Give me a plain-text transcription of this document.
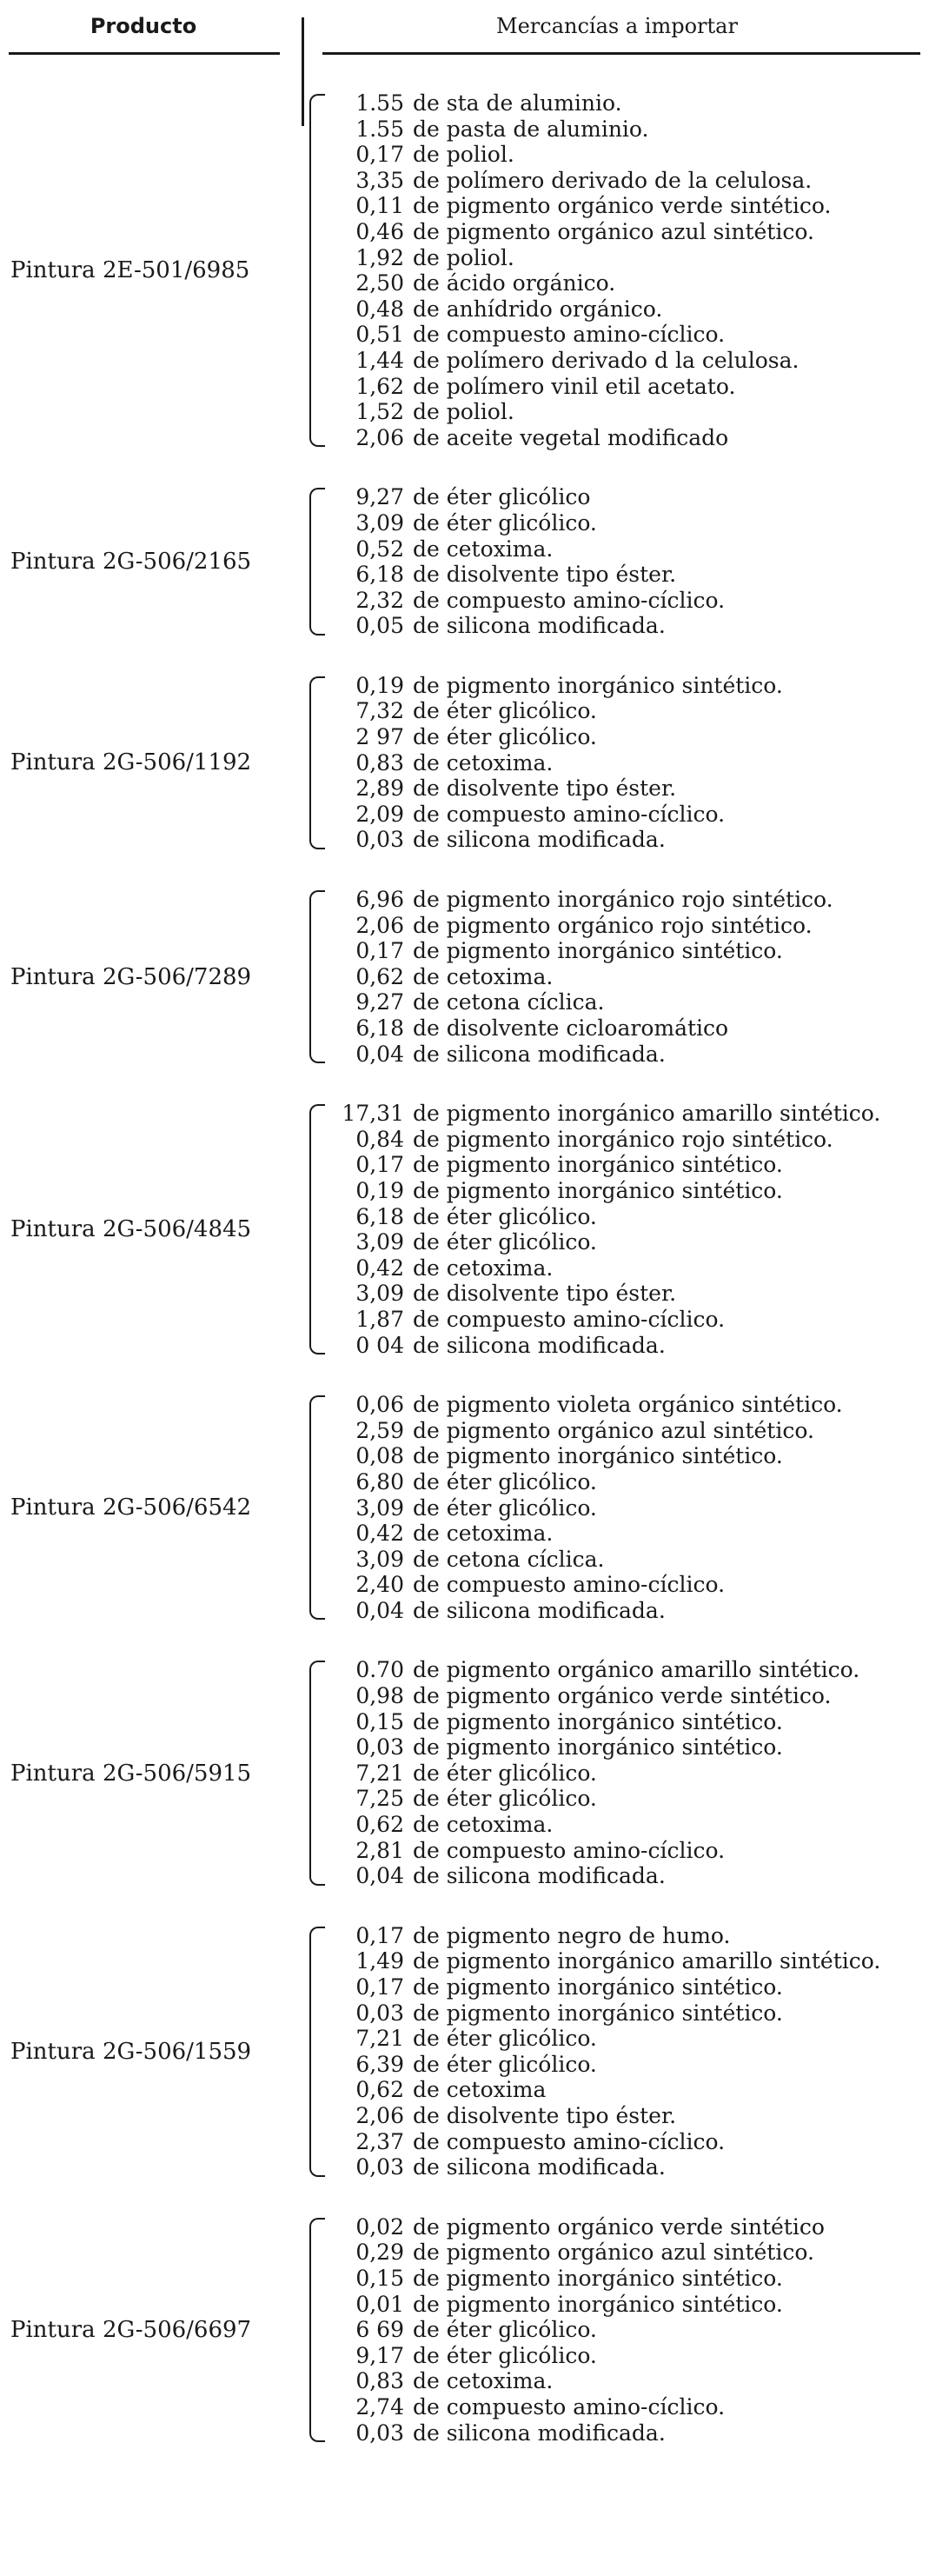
Producto	Mercancías a importar
Pintura 2E-501/6985
1.55 de sta de aluminio.
1.55 de pasta de aluminio.
0,17 de poliol.
3,35 de polímero derivado de la celulosa.
0,11 de pigmento orgánico verde sintético.
0,46 de pigmento orgánico azul sintético.
1,92 de poliol.
2,50 de ácido orgánico.
0,48 de anhídrido orgánico.
0,51 de compuesto amino-cíclico.
1,44 de polímero derivado d la celulosa.
1,62 de polímero vinil etil acetato.
1,52 de poliol.
2,06 de aceite vegetal modificado
Pintura 2G-506/2165
9,27 de éter glicólico
3,09 de éter glicólico.
0,52 de cetoxima.
6,18 de disolvente tipo éster.
2,32 de compuesto amino-cíclico.
0,05 de silicona modificada.
Pintura 2G-506/1192
0,19 de pigmento inorgánico sintético.
7,32 de éter glicólico.
2 97 de éter glicólico.
0,83 de cetoxima.
2,89 de disolvente tipo éster.
2,09 de compuesto amino-cíclico.
0,03 de silicona modificada.
Pintura 2G-506/7289
6,96 de pigmento inorgánico rojo sintético.
2,06 de pigmento orgánico rojo sintético.
0,17 de pigmento inorgánico sintético.
0,62 de cetoxima.
9,27 de cetona cíclica.
6,18 de disolvente cicloaromático
0,04 de silicona modificada.
Pintura 2G-506/4845
17,31 de pigmento inorgánico amarillo sintético.
0,84 de pigmento inorgánico rojo sintético.
0,17 de pigmento inorgánico sintético.
0,19 de pigmento inorgánico sintético.
6,18 de éter glicólico.
3,09 de éter glicólico.
0,42 de cetoxima.
3,09 de disolvente tipo éster.
1,87 de compuesto amino-cíclico.
0 04 de silicona modificada.
Pintura 2G-506/6542
0,06 de pigmento violeta orgánico sintético.
2,59 de pigmento orgánico azul sintético.
0,08 de pigmento inorgánico sintético.
6,80 de éter glicólico.
3,09 de éter glicólico.
0,42 de cetoxima.
3,09 de cetona cíclica.
2,40 de compuesto amino-cíclico.
0,04 de silicona modificada.
Pintura 2G-506/5915
0.70 de pigmento orgánico amarillo sintético.
0,98 de pigmento orgánico verde sintético.
0,15 de pigmento inorgánico sintético.
0,03 de pigmento inorgánico sintético.
7,21 de éter glicólico.
7,25 de éter glicólico.
0,62 de cetoxima.
2,81 de compuesto amino-cíclico.
0,04 de silicona modificada.
Pintura 2G-506/1559
0,17 de pigmento negro de humo.
1,49 de pigmento inorgánico amarillo sintético.
0,17 de pigmento inorgánico sintético.
0,03 de pigmento inorgánico sintético.
7,21 de éter glicólico.
6,39 de éter glicólico.
0,62 de cetoxima
2,06 de disolvente tipo éster.
2,37 de compuesto amino-cíclico.
0,03 de silicona modificada.
Pintura 2G-506/6697
0,02 de pigmento orgánico verde sintético
0,29 de pigmento orgánico azul sintético.
0,15 de pigmento inorgánico sintético.
0,01 de pigmento inorgánico sintético.
6 69 de éter glicólico.
9,17 de éter glicólico.
0,83 de cetoxima.
2,74 de compuesto amino-cíclico.
0,03 de silicona modificada.
